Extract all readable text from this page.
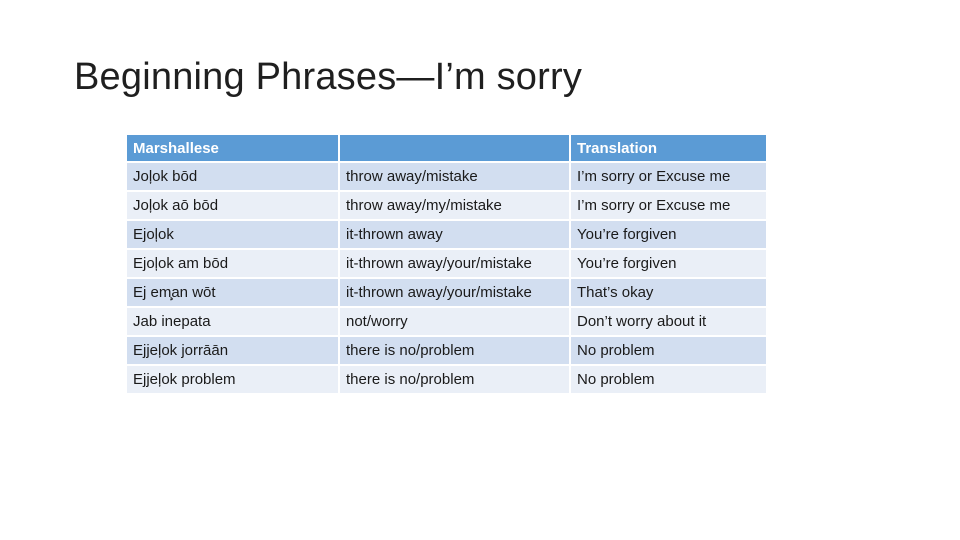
Beginning Phrases—I’m sorry
Marshallese		Translation
Joļok bōd	throw away/mistake	I’m sorry or Excuse me
Joļok aō bōd	throw away/my/mistake	I’m sorry or Excuse me
Ejoļok	it-thrown away	You’re forgiven
Ejoļok am bōd	it-thrown away/your/mistake	You’re forgiven
Ej em̧̧an wōt	it-thrown away/your/mistake	That’s okay
Jab inepata	not/worry	Don’t worry about it
Ejjeļok jorrāān	there is no/problem	No problem
Ejjeļok problem	there is no/problem	No problem
